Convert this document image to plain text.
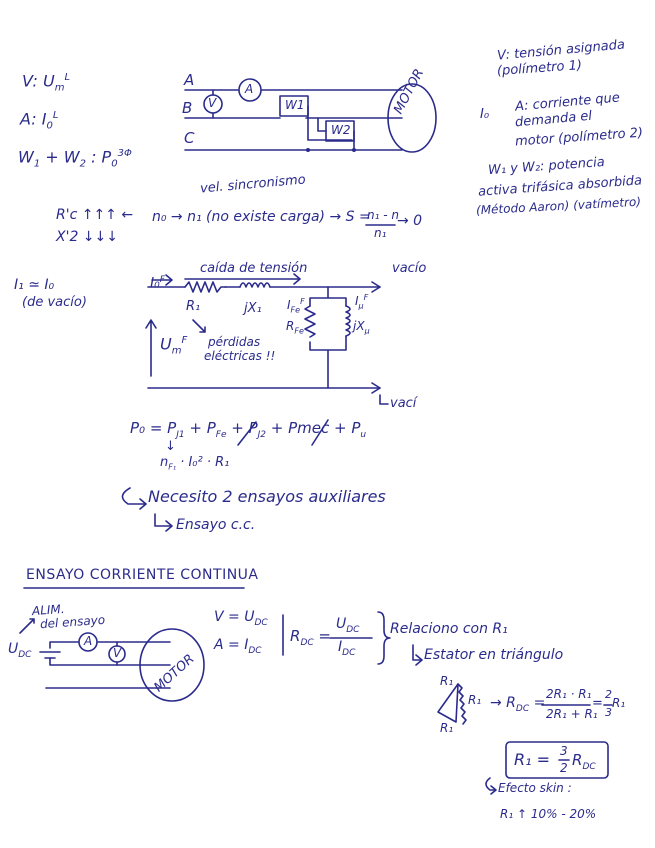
V: $U_m^L$
A: $I_0^L$
$W_1 + W_2$ : $P_0^{3\Phi}$
A
B
C
A
V	W1
W2
MOTOR
V: tensión asignada
(polímetro 1)
I₀ A: corriente que
demanda el
motor (polímetro 2)
W₁ y W₂: potencia
activa trifásica absorbida
(Método Aaron) (vatímetro)
vel. sincronismo
R'c ↑↑↑ ←
X'2 ↓↓↓
n₀ → n₁ (no existe carga) → S =
n₁ - n
n₁
→ 0
I₁ ≃ I₀
(de vacío)
caída de tensión	vacío
I₀$^F$
R₁	jX₁ $I_{Fe}^F$	$I_\mu^F$
$R_{Fe}$	$jX_\mu$
$U_m^F$ pérdidas
eléctricas !!
vací
$P_0 = P_{J1} + P_{Fe} + P_{J2}$ + Pmec + $P_u$
↓
$n_{F_1} \cdot I_0^2 \cdot R_1$
Necesito 2 ensayos auxiliares
Ensayo c.c.
ENSAYO CORRIENTE CONTINUA
ALIM.
del ensayo
$U_{DC}$
A
V MOTOR
$V = U_{DC}$
$A = I_{DC}$
$R_{DC}$ =
$U_{DC}$
$I_{DC}$
Relaciono con R₁
Estator en triángulo
R₁
R₁
R₁
→ $R_{DC}$ =
2R₁ · R₁
2R₁ + R₁
=
2
3
R₁
R₁ = 3
2 $R_{DC}$
Efecto skin :
R₁ ↑ 10% - 20%
